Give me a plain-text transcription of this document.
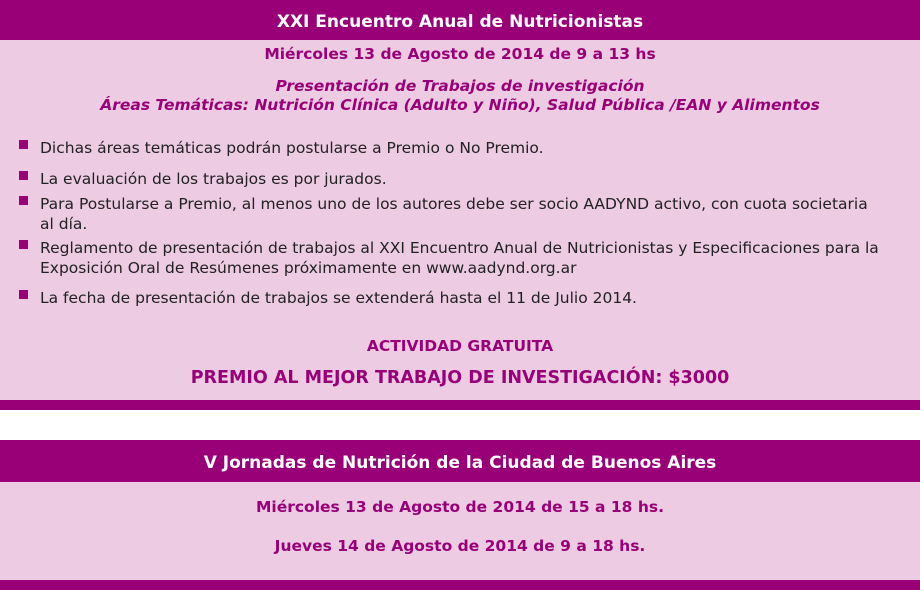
XXI Encuentro Anual de Nutricionistas
Miércoles 13 de Agosto de 2014 de 9 a 13 hs
Presentación de Trabajos de investigación
Áreas Temáticas: Nutrición Clínica (Adulto y Niño), Salud Pública /EAN y Alimentos
Dichas áreas temáticas podrán postularse a Premio o No Premio.
La evaluación de los trabajos es por jurados.
Para Postularse a Premio, al menos uno de los autores debe ser socio AADYND activo, con cuota societaria al día.
Reglamento de presentación de trabajos al XXI Encuentro Anual de Nutricionistas y Especificaciones para la Exposición Oral de Resúmenes próximamente en www.aadynd.org.ar
La fecha de presentación de trabajos se extenderá hasta el 11 de Julio 2014.
ACTIVIDAD GRATUITA
PREMIO AL MEJOR TRABAJO DE INVESTIGACIÓN: $3000
V Jornadas de Nutrición de la Ciudad de Buenos Aires
Miércoles 13 de Agosto de 2014 de 15 a 18 hs.
Jueves 14 de Agosto de 2014 de 9 a 18 hs.
